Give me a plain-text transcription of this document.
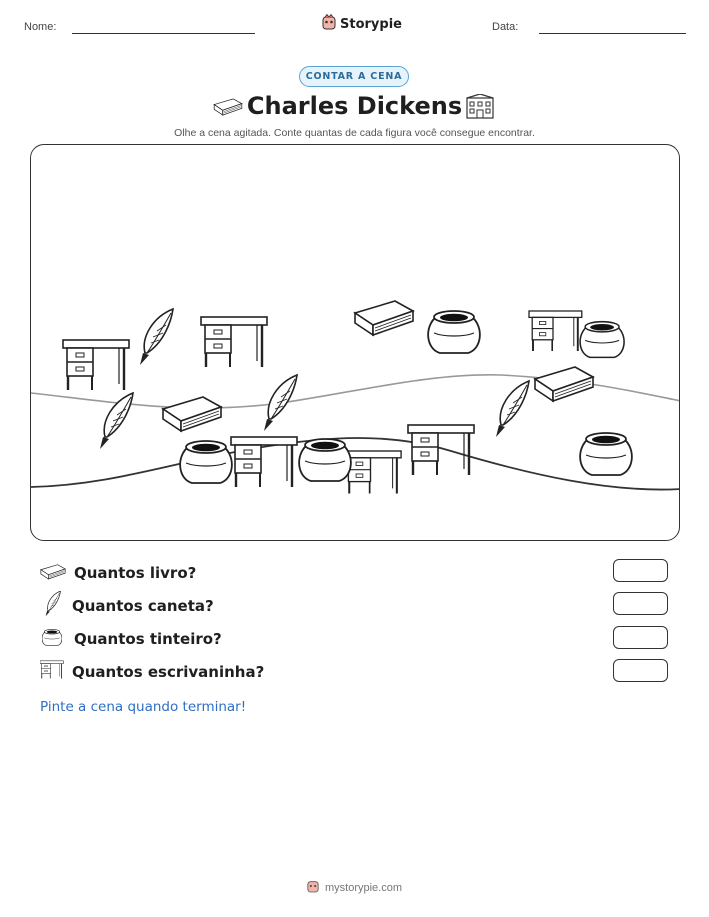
Nome:	Storypie	Data:
CONTAR A CENA
Charles Dickens
Olhe a cena agitada. Conte quantas de cada figura você consegue encontrar.
Quantos livro?
Quantos caneta?
Quantos tinteiro?
Quantos escrivaninha?
Pinte a cena quando terminar!
mystorypie.com
